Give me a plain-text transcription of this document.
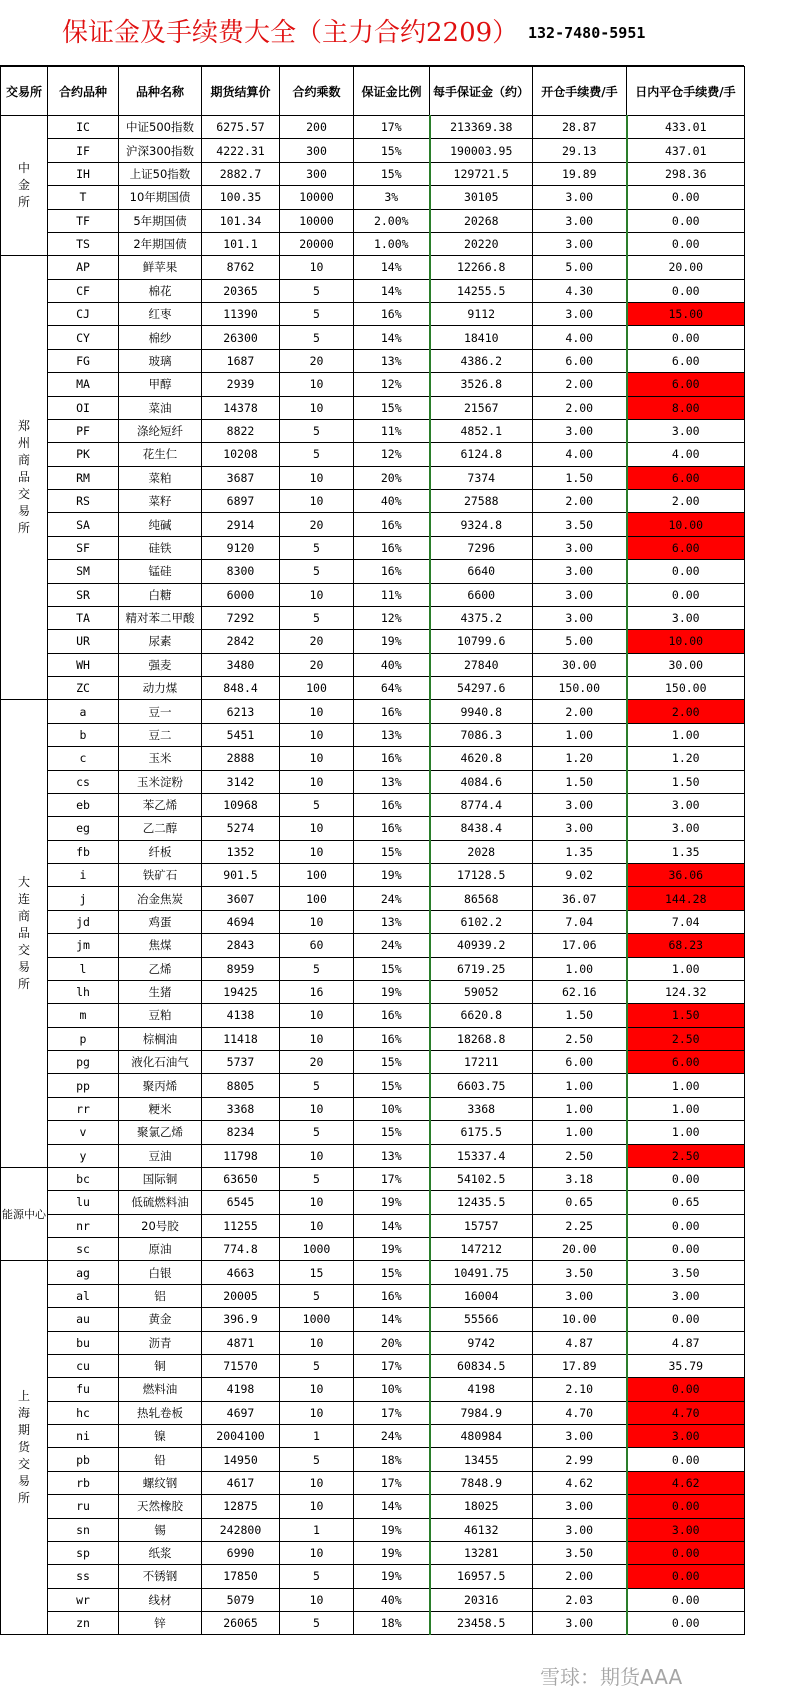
保证金及手续费大全（主力合约2209） 132-7480-5951
交易所	合约品种	品种名称	期货结算价	合约乘数	保证金比例	每手保证金（约）	开仓手续费/手	日内平仓手续费/手
中金所	IC	中证500指数	6275.57	200	17%	213369.38	28.87	433.01
	IF	沪深300指数	4222.31	300	15%	190003.95	29.13	437.01
	IH	上证50指数	2882.7	300	15%	129721.5	19.89	298.36
	T	10年期国债	100.35	10000	3%	30105	3.00	0.00
	TF	5年期国债	101.34	10000	2.00%	20268	3.00	0.00
	TS	2年期国债	101.1	20000	1.00%	20220	3.00	0.00
郑州商品交易所	AP	鲜苹果	8762	10	14%	12266.8	5.00	20.00
	CF	棉花	20365	5	14%	14255.5	4.30	0.00
	CJ	红枣	11390	5	16%	9112	3.00	15.00
	CY	棉纱	26300	5	14%	18410	4.00	0.00
	FG	玻璃	1687	20	13%	4386.2	6.00	6.00
	MA	甲醇	2939	10	12%	3526.8	2.00	6.00
	OI	菜油	14378	10	15%	21567	2.00	8.00
	PF	涤纶短纤	8822	5	11%	4852.1	3.00	3.00
	PK	花生仁	10208	5	12%	6124.8	4.00	4.00
	RM	菜粕	3687	10	20%	7374	1.50	6.00
	RS	菜籽	6897	10	40%	27588	2.00	2.00
	SA	纯碱	2914	20	16%	9324.8	3.50	10.00
	SF	硅铁	9120	5	16%	7296	3.00	6.00
	SM	锰硅	8300	5	16%	6640	3.00	0.00
	SR	白糖	6000	10	11%	6600	3.00	0.00
	TA	精对苯二甲酸	7292	5	12%	4375.2	3.00	3.00
	UR	尿素	2842	20	19%	10799.6	5.00	10.00
	WH	强麦	3480	20	40%	27840	30.00	30.00
	ZC	动力煤	848.4	100	64%	54297.6	150.00	150.00
大连商品交易所	a	豆一	6213	10	16%	9940.8	2.00	2.00
	b	豆二	5451	10	13%	7086.3	1.00	1.00
	c	玉米	2888	10	16%	4620.8	1.20	1.20
	cs	玉米淀粉	3142	10	13%	4084.6	1.50	1.50
	eb	苯乙烯	10968	5	16%	8774.4	3.00	3.00
	eg	乙二醇	5274	10	16%	8438.4	3.00	3.00
	fb	纤板	1352	10	15%	2028	1.35	1.35
	i	铁矿石	901.5	100	19%	17128.5	9.02	36.06
	j	冶金焦炭	3607	100	24%	86568	36.07	144.28
	jd	鸡蛋	4694	10	13%	6102.2	7.04	7.04
	jm	焦煤	2843	60	24%	40939.2	17.06	68.23
	l	乙烯	8959	5	15%	6719.25	1.00	1.00
	lh	生猪	19425	16	19%	59052	62.16	124.32
	m	豆粕	4138	10	16%	6620.8	1.50	1.50
	p	棕榈油	11418	10	16%	18268.8	2.50	2.50
	pg	液化石油气	5737	20	15%	17211	6.00	6.00
	pp	聚丙烯	8805	5	15%	6603.75	1.00	1.00
	rr	粳米	3368	10	10%	3368	1.00	1.00
	v	聚氯乙烯	8234	5	15%	6175.5	1.00	1.00
	y	豆油	11798	10	13%	15337.4	2.50	2.50
能源中心	bc	国际铜	63650	5	17%	54102.5	3.18	0.00
	lu	低硫燃料油	6545	10	19%	12435.5	0.65	0.65
	nr	20号胶	11255	10	14%	15757	2.25	0.00
	sc	原油	774.8	1000	19%	147212	20.00	0.00
上海期货交易所	ag	白银	4663	15	15%	10491.75	3.50	3.50
	al	铝	20005	5	16%	16004	3.00	3.00
	au	黄金	396.9	1000	14%	55566	10.00	0.00
	bu	沥青	4871	10	20%	9742	4.87	4.87
	cu	铜	71570	5	17%	60834.5	17.89	35.79
	fu	燃料油	4198	10	10%	4198	2.10	0.00
	hc	热轧卷板	4697	10	17%	7984.9	4.70	4.70
	ni	镍	2004100	1	24%	480984	3.00	3.00
	pb	铅	14950	5	18%	13455	2.99	0.00
	rb	螺纹钢	4617	10	17%	7848.9	4.62	4.62
	ru	天然橡胶	12875	10	14%	18025	3.00	0.00
	sn	锡	242800	1	19%	46132	3.00	3.00
	sp	纸浆	6990	10	19%	13281	3.50	0.00
	ss	不锈钢	17850	5	19%	16957.5	2.00	0.00
	wr	线材	5079	10	40%	20316	2.03	0.00
	zn	锌	26065	5	18%	23458.5	3.00	0.00
雪球：期货AAA
